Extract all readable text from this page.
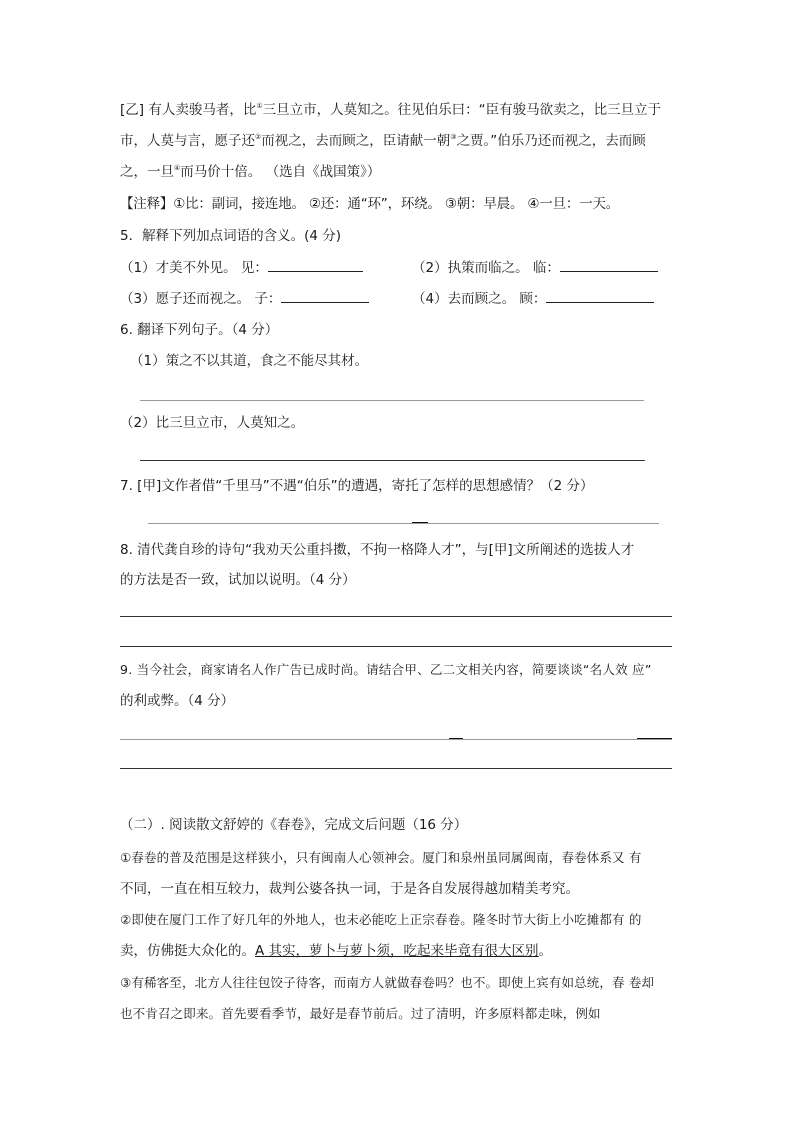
[乙] 有人卖骏马者，比①三旦立市，人莫知之。往见伯乐曰：“臣有骏马欲卖之，比三旦立于
市，人莫与言，愿子还②而视之，去而顾之，臣请献一朝③之贾。”伯乐乃还而视之，去而顾
之，一旦④而马价十倍。 （选自《战国策》）
【注释】①比：副词，接连地。 ②还：通“环”，环绕。 ③朝：早晨。 ④一旦：一天。
5．解释下列加点词语的含义。(4 分)
（1）才美不外见。 见：	（2）执策而临之。 临：
（3）愿子还而视之。 子：	（4）去而顾之。 顾：
6. 翻译下列句子。（4 分）
（1）策之不以其道，食之不能尽其材。
（2）比三旦立市，人莫知之。
7. [甲]文作者借“千里马”不遇“伯乐”的遭遇，寄托了怎样的思想感情？（2 分）
8. 清代龚自珍的诗句“我劝天公重抖擞，不拘一格降人才”，与[甲]文所阐述的选拔人才
的方法是否一致，试加以说明。（4 分）
9. 当今社会，商家请名人作广告已成时尚。请结合甲、乙二文相关内容，简要谈谈“名人效 应”
的利或弊。（4 分）
（二）. 阅读散文舒婷的《春卷》，完成文后问题（16 分）
①春卷的普及范围是这样狭小，只有闽南人心领神会。厦门和泉州虽同属闽南，春卷体系又 有
不同，一直在相互较力，裁判公婆各执一词，于是各自发展得越加精美考究。
②即使在厦门工作了好几年的外地人，也未必能吃上正宗春卷。隆冬时节大街上小吃摊都有 的
卖，仿佛挺大众化的。A 其实，萝卜与萝卜须，吃起来毕竟有很大区别。
③有稀客至，北方人往往包饺子待客，而南方人就做春卷吗？也不。即使上宾有如总统，春 卷却
也不肯召之即来。首先要看季节，最好是春节前后。过了清明，许多原料都走味，例如
